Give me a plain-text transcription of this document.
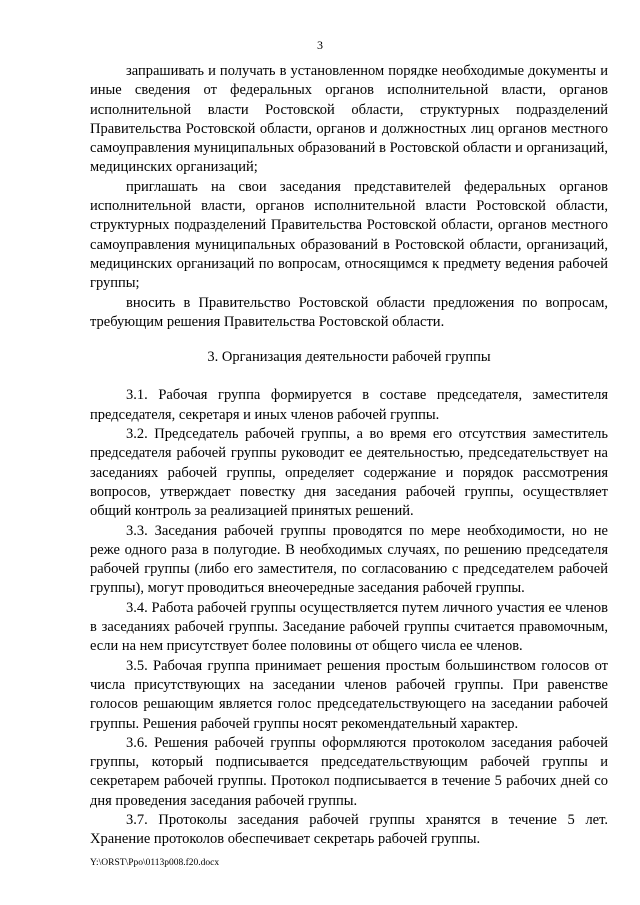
3

запрашивать и получать в установленном порядке необходимые документы и иные сведения от федеральных органов исполнительной власти, органов исполнительной власти Ростовской области, структурных подразделений Правительства Ростовской области, органов и должностных лиц органов местного самоуправления муниципальных образований в Ростовской области и организаций, медицинских организаций;

приглашать на свои заседания представителей федеральных органов исполнительной власти, органов исполнительной власти Ростовской области, структурных подразделений Правительства Ростовской области, органов местного самоуправления муниципальных образований в Ростовской области, организаций, медицинских организаций по вопросам, относящимся к предмету ведения рабочей группы;

вносить в Правительство Ростовской области предложения по вопросам, требующим решения Правительства Ростовской области.

3. Организация деятельности рабочей группы

3.1. Рабочая группа формируется в составе председателя, заместителя председателя, секретаря и иных членов рабочей группы.

3.2. Председатель рабочей группы, а во время его отсутствия заместитель председателя рабочей группы руководит ее деятельностью, председательствует на заседаниях рабочей группы, определяет содержание и порядок рассмотрения вопросов, утверждает повестку дня заседания рабочей группы, осуществляет общий контроль за реализацией принятых решений.

3.3. Заседания рабочей группы проводятся по мере необходимости, но не реже одного раза в полугодие. В необходимых случаях, по решению председателя рабочей группы (либо его заместителя, по согласованию с председателем рабочей группы), могут проводиться внеочередные заседания рабочей группы.

3.4. Работа рабочей группы осуществляется путем личного участия ее членов в заседаниях рабочей группы. Заседание рабочей группы считается правомочным, если на нем присутствует более половины от общего числа ее членов.

3.5. Рабочая группа принимает решения простым большинством голосов от числа присутствующих на заседании членов рабочей группы. При равенстве голосов решающим является голос председательствующего на заседании рабочей группы. Решения рабочей группы носят рекомендательный характер.

3.6. Решения рабочей группы оформляются протоколом заседания рабочей группы, который подписывается председательствующим рабочей группы и секретарем рабочей группы. Протокол подписывается в течение 5 рабочих дней со дня проведения заседания рабочей группы.

3.7. Протоколы заседания рабочей группы хранятся в течение 5 лет. Хранение протоколов обеспечивает секретарь рабочей группы.

Y:\ORST\Ppo\0113p008.f20.docx
